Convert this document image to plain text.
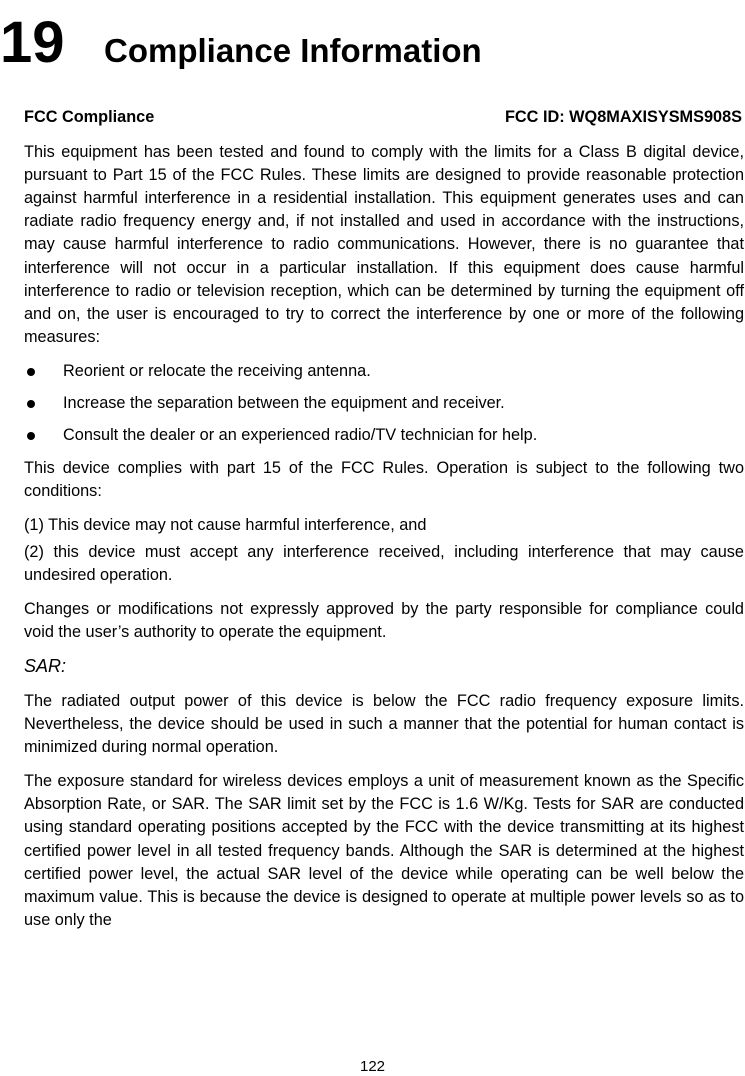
19	Compliance Information
FCC Compliance	FCC ID: WQ8MAXISYSMS908S

This equipment has been tested and found to comply with the limits for a Class B digital device, pursuant to Part 15 of the FCC Rules. These limits are designed to provide reasonable protection against harmful interference in a residential installation. This equipment generates uses and can radiate radio frequency energy and, if not installed and used in accordance with the instructions, may cause harmful interference to radio communications. However, there is no guarantee that interference will not occur in a particular installation. If this equipment does cause harmful interference to radio or television reception, which can be determined by turning the equipment off and on, the user is encouraged to try to correct the interference by one or more of the following measures:

Reorient or relocate the receiving antenna.
Increase the separation between the equipment and receiver.
Consult the dealer or an experienced radio/TV technician for help.

This device complies with part 15 of the FCC Rules. Operation is subject to the following two conditions:

(1) This device may not cause harmful interference, and

(2) this device must accept any interference received, including interference that may cause undesired operation.

Changes or modifications not expressly approved by the party responsible for compliance could void the user’s authority to operate the equipment.

SAR:

The radiated output power of this device is below the FCC radio frequency exposure limits. Nevertheless, the device should be used in such a manner that the potential for human contact is minimized during normal operation.

The exposure standard for wireless devices employs a unit of measurement known as the Specific Absorption Rate, or SAR. The SAR limit set by the FCC is 1.6 W/Kg. Tests for SAR are conducted using standard operating positions accepted by the FCC with the device transmitting at its highest certified power level in all tested frequency bands. Although the SAR is determined at the highest certified power level, the actual SAR level of the device while operating can be well below the maximum value. This is because the device is designed to operate at multiple power levels so as to use only the

122
